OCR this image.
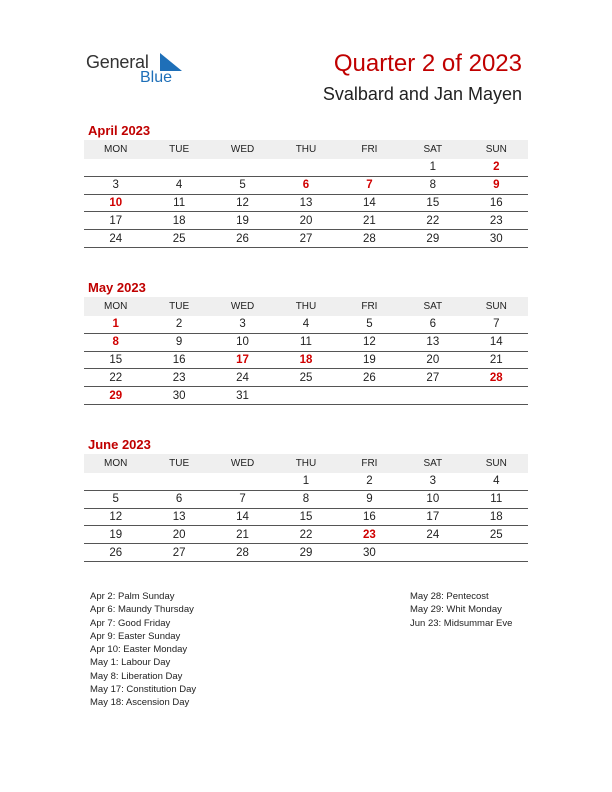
General
Blue
Quarter 2 of 2023
Svalbard and Jan Mayen
April 2023
MON	TUE	WED	THU	FRI	SAT	SUN
					1	2
3	4	5	6	7	8	9
10	11	12	13	14	15	16
17	18	19	20	21	22	23
24	25	26	27	28	29	30
May 2023
MON	TUE	WED	THU	FRI	SAT	SUN
1	2	3	4	5	6	7
8	9	10	11	12	13	14
15	16	17	18	19	20	21
22	23	24	25	26	27	28
29	30	31				
June 2023
MON	TUE	WED	THU	FRI	SAT	SUN
			1	2	3	4
5	6	7	8	9	10	11
12	13	14	15	16	17	18
19	20	21	22	23	24	25
26	27	28	29	30		
Apr 2: Palm Sunday
Apr 6: Maundy Thursday
Apr 7: Good Friday
Apr 9: Easter Sunday
Apr 10: Easter Monday
May 1: Labour Day
May 8: Liberation Day
May 17: Constitution Day
May 18: Ascension Day
May 28: Pentecost
May 29: Whit Monday
Jun 23: Midsummar Eve
